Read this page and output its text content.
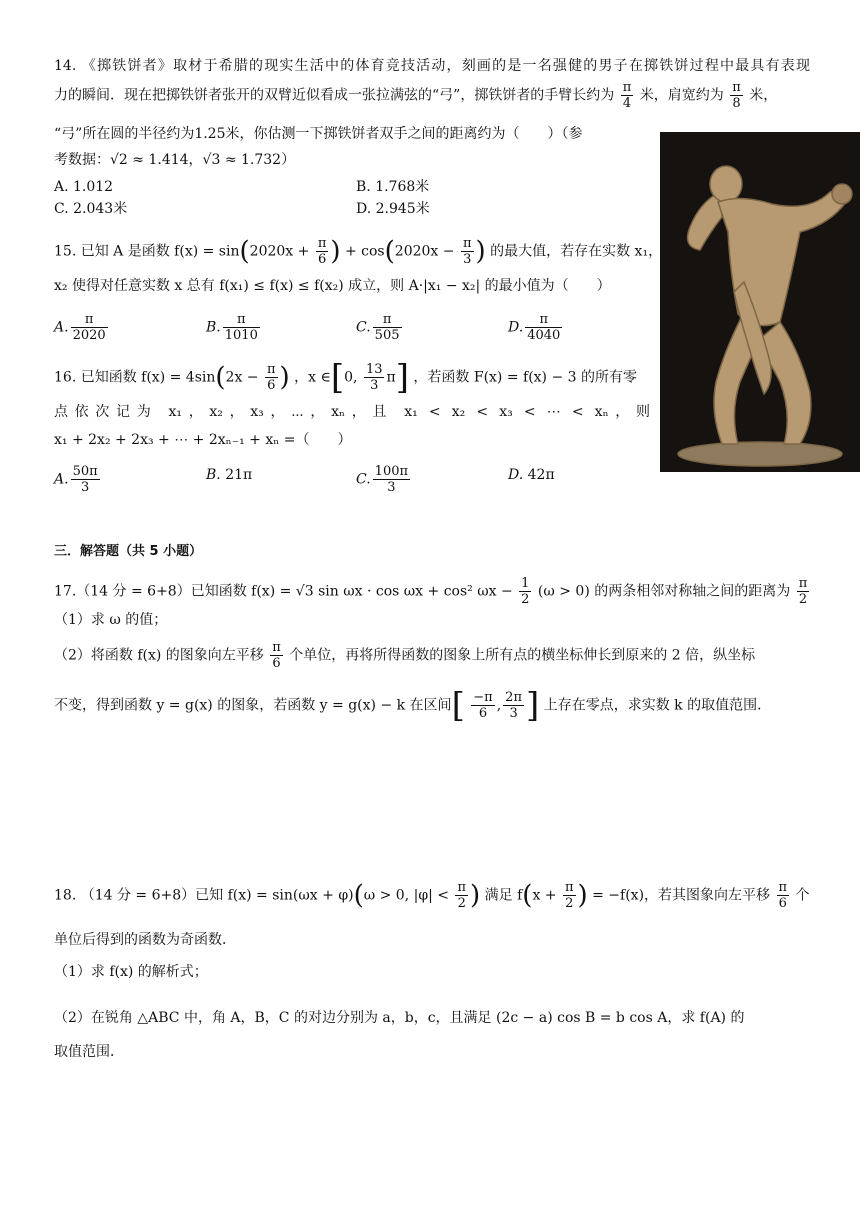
14. 《掷铁饼者》取材于希腊的现实生活中的体育竞技活动，刻画的是一名强健的男子在掷铁饼过程中最具有表现
力的瞬间．现在把掷铁饼者张开的双臂近似看成一张拉满弦的“弓”，掷铁饼者的手臂长约为 $\frac{\pi}{4}$ 米，肩宽约为 $\frac{\pi}{8}$ 米，
“弓”所在圆的半径约为1.25米，你估测一下掷铁饼者双手之间的距离约为（　　）（参
考数据：√2 ≈ 1.414，√3 ≈ 1.732）
A. 1.012	B. 1.768米
C. 2.043米	D. 2.945米
15. 已知 A 是函数 $f(x) = \sin(2020x + \frac{\pi}{6}$ ) + $\cos(2020x - \frac{\pi}{3}$ ) 的最大值，若存在实数 x₁，
x₂ 使得对任意实数 x 总有 f(x₁) ≤ f(x) ≤ f(x₂) 成立，则 A·|x₁ − x₂| 的最小值为（　　）
A. $\frac{\pi}{2020}$	B. $\frac{\pi}{1010}$	C. $\frac{\pi}{505}$	D. $\frac{\pi}{4040}$
16. 已知函数 $f(x) = 4\sin(2x - \frac{\pi}{6}$ ) ，x ∈[0, $\frac{13}{3} \pi$] ，若函数 F(x) = f(x) − 3 的所有零
点依次记为 x₁，x₂，x₃，⋯，xₙ，且 x₁ < x₂ < x₃ < ⋯ < xₙ，则
x₁ + 2x₂ + 2x₃ + ⋯ + 2xₙ₋₁ + xₙ =（　　）
A. $\frac{50\pi}{3}$	B. 21π	C. $\frac{100\pi}{3}$	D. 42π
三．解答题（共 5 小题）
17.（14 分 = 6+8）已知函数 f(x) = √3 sin ωx · cos ωx + cos² $\omega x - \frac{1}{2} (\omega > 0)$ 的两条相邻对称轴之间的距离为 $\frac{\pi}{2}$
（1）求 ω 的值；
（2）将函数 f(x) 的图象向左平移 $\frac{\pi}{6}$ 个单位，再将所得函数的图象上所有点的横坐标伸长到原来的 2 倍，纵坐标
不变，得到函数 y = g(x) 的图象，若函数 y = g(x) − k 在区间[ $\frac{-\pi}{6}$ , $\frac{2\pi}{3}$ ] 上存在零点，求实数 k 的取值范围．
18. （14 分 = 6+8）已知 f(x) = sin(ωx + φ)(ω > 0, $|\varphi| < \frac{\pi}{2}$ ) 满足 $f(x + \frac{\pi}{2}$ ) = −f(x)，若其图象向左平移 $\frac{\pi}{6}$ 个
单位后得到的函数为奇函数．
（1）求 f(x) 的解析式；
（2）在锐角 △ABC 中，角 A，B，C 的对边分别为 a，b，c，且满足 (2c − a) cos B = b cos A，求 f(A) 的
取值范围．
